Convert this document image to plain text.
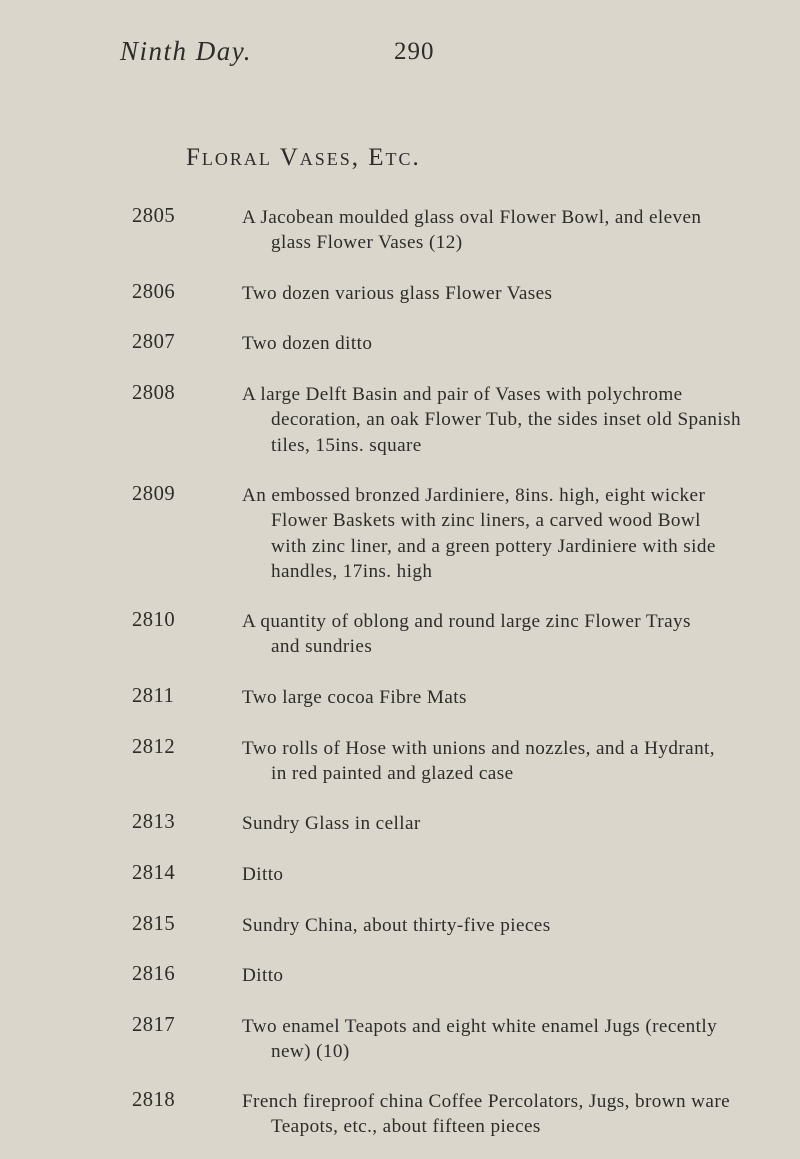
Ninth Day.	290
Floral Vases, Etc.
2805	A Jacobean moulded glass oval Flower Bowl, and eleven
glass Flower Vases (12)
2806	Two dozen various glass Flower Vases
2807	Two dozen ditto
2808	A large Delft Basin and pair of Vases with polychrome
decoration, an oak Flower Tub, the sides inset old Spanish
tiles, 15ins. square
2809	An embossed bronzed Jardiniere, 8ins. high, eight wicker
Flower Baskets with zinc liners, a carved wood Bowl
with zinc liner, and a green pottery Jardiniere with side
handles, 17ins. high
2810	A quantity of oblong and round large zinc Flower Trays
and sundries
2811	Two large cocoa Fibre Mats
2812	Two rolls of Hose with unions and nozzles, and a Hydrant,
in red painted and glazed case
2813	Sundry Glass in cellar
2814	Ditto
2815	Sundry China, about thirty-five pieces
2816	Ditto
2817	Two enamel Teapots and eight white enamel Jugs (recently
new) (10)
2818	French fireproof china Coffee Percolators, Jugs, brown ware
Teapots, etc., about fifteen pieces
